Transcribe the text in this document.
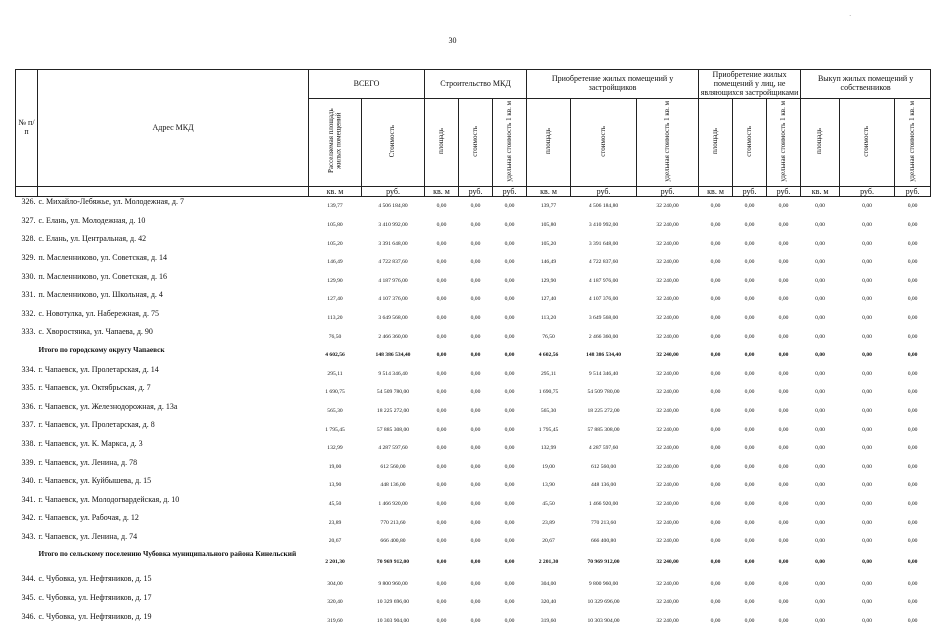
30
·
№ п/п	Адрес МКД	ВСЕГО		Строительство МКД			Приобретение жилых помещений у застройщиков			Приобретение жилых помещений у лиц, не являющихся застройщиками			Выкуп жилых помещений у собственников		
		Расселяемая площадь жилых помещений	Стоимость	площадь	стоимость	удельная стоимость 1 кв. м	площадь	стоимость	удельная стоимость 1 кв. м	площадь	стоимость	удельная стоимость 1 кв. м	площадь	стоимость	удельная стоимость 1 кв. м
		кв. м	руб.	кв. м	руб.	руб.	кв. м	руб.	руб.	кв. м	руб.	руб.	кв. м	руб.	руб.
326.	с. Михайло-Лебяжье, ул. Молодежная, д. 7	139,77	4 506 184,80	0,00	0,00	0,00	139,77	4 506 184,80	32 240,00	0,00	0,00	0,00	0,00	0,00	0,00
327.	с. Елань, ул. Молодежная, д. 10	105,80	3 410 992,00	0,00	0,00	0,00	105,80	3 410 992,00	32 240,00	0,00	0,00	0,00	0,00	0,00	0,00
328.	с. Елань, ул. Центральная, д. 42	105,20	3 391 648,00	0,00	0,00	0,00	105,20	3 391 648,00	32 240,00	0,00	0,00	0,00	0,00	0,00	0,00
329.	п. Масленниково, ул. Советская, д. 14	146,49	4 722 837,60	0,00	0,00	0,00	146,49	4 722 837,60	32 240,00	0,00	0,00	0,00	0,00	0,00	0,00
330.	п. Масленниково, ул. Советская, д. 16	129,90	4 187 976,00	0,00	0,00	0,00	129,90	4 187 976,00	32 240,00	0,00	0,00	0,00	0,00	0,00	0,00
331.	п. Масленниково, ул. Школьная, д. 4	127,40	4 107 376,00	0,00	0,00	0,00	127,40	4 107 376,00	32 240,00	0,00	0,00	0,00	0,00	0,00	0,00
332.	с. Новотулка, ул. Набережная, д. 75	113,20	3 649 568,00	0,00	0,00	0,00	113,20	3 649 568,00	32 240,00	0,00	0,00	0,00	0,00	0,00	0,00
333.	с. Хворостянка, ул. Чапаева, д. 90	76,50	2 466 360,00	0,00	0,00	0,00	76,50	2 466 360,00	32 240,00	0,00	0,00	0,00	0,00	0,00	0,00
	Итого по городскому округу Чапаевск	4 602,56	148 386 534,40	0,00	0,00	0,00	4 602,56	148 386 534,40	32 240,00	0,00	0,00	0,00	0,00	0,00	0,00
334.	г. Чапаевск, ул. Пролетарская, д. 14	295,11	9 514 346,40	0,00	0,00	0,00	295,11	9 514 346,40	32 240,00	0,00	0,00	0,00	0,00	0,00	0,00
335.	г. Чапаевск, ул. Октябрьская, д. 7	1 690,75	54 509 780,00	0,00	0,00	0,00	1 690,75	54 509 780,00	32 240,00	0,00	0,00	0,00	0,00	0,00	0,00
336.	г. Чапаевск, ул. Железнодорожная, д. 13а	565,30	18 225 272,00	0,00	0,00	0,00	565,30	18 225 272,00	32 240,00	0,00	0,00	0,00	0,00	0,00	0,00
337.	г. Чапаевск, ул. Пролетарская, д. 8	1 795,45	57 885 308,00	0,00	0,00	0,00	1 795,45	57 885 308,00	32 240,00	0,00	0,00	0,00	0,00	0,00	0,00
338.	г. Чапаевск, ул. К. Маркса, д. 3	132,99	4 287 597,60	0,00	0,00	0,00	132,99	4 287 597,60	32 240,00	0,00	0,00	0,00	0,00	0,00	0,00
339.	г. Чапаевск, ул. Ленина, д. 78	19,00	612 560,00	0,00	0,00	0,00	19,00	612 560,00	32 240,00	0,00	0,00	0,00	0,00	0,00	0,00
340.	г. Чапаевск, ул. Куйбышева, д. 15	13,90	448 136,00	0,00	0,00	0,00	13,90	448 136,00	32 240,00	0,00	0,00	0,00	0,00	0,00	0,00
341.	г. Чапаевск, ул. Молодогвардейская, д. 10	45,50	1 466 920,00	0,00	0,00	0,00	45,50	1 466 920,00	32 240,00	0,00	0,00	0,00	0,00	0,00	0,00
342.	г. Чапаевск, ул. Рабочая, д. 12	23,89	770 213,60	0,00	0,00	0,00	23,89	770 213,60	32 240,00	0,00	0,00	0,00	0,00	0,00	0,00
343.	г. Чапаевск, ул. Ленина, д. 74	20,67	666 400,80	0,00	0,00	0,00	20,67	666 400,80	32 240,00	0,00	0,00	0,00	0,00	0,00	0,00
	Итого по сельскому поселению Чубовка муниципального района Кинельский	2 201,30	70 969 912,00	0,00	0,00	0,00	2 201,30	70 969 912,00	32 240,00	0,00	0,00	0,00	0,00	0,00	0,00
344.	с. Чубовка, ул. Нефтяников, д. 15	304,00	9 800 960,00	0,00	0,00	0,00	304,00	9 800 960,00	32 240,00	0,00	0,00	0,00	0,00	0,00	0,00
345.	с. Чубовка, ул. Нефтяников, д. 17	320,40	10 329 696,00	0,00	0,00	0,00	320,40	10 329 696,00	32 240,00	0,00	0,00	0,00	0,00	0,00	0,00
346.	с. Чубовка, ул. Нефтяников, д. 19	319,60	10 303 904,00	0,00	0,00	0,00	319,60	10 303 904,00	32 240,00	0,00	0,00	0,00	0,00	0,00	0,00
